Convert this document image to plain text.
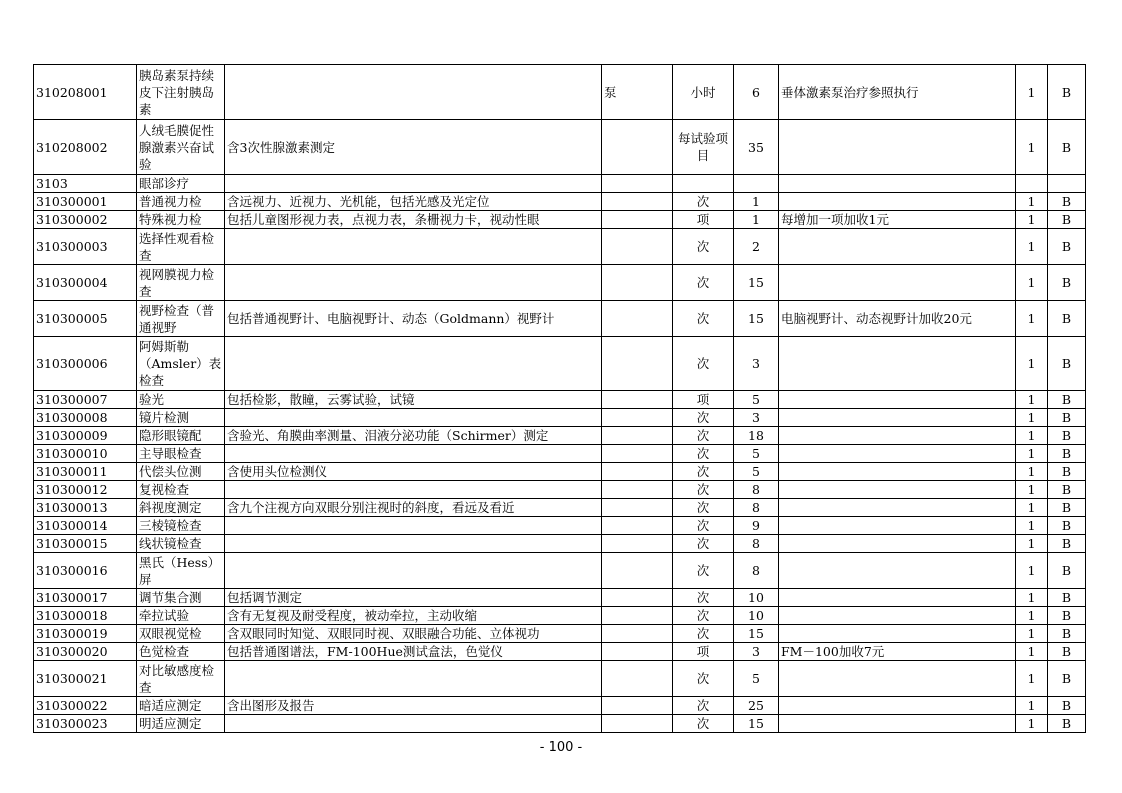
310208001	胰岛素泵持续皮下注射胰岛素		泵	小时	6	垂体激素泵治疗参照执行	1	B
310208002	人绒毛膜促性腺激素兴奋试验	含3次性腺激素测定		每试验项目	35		1	B
3103	眼部诊疗							
310300001	普通视力检	含远视力、近视力、光机能，包括光感及光定位		次	1		1	B
310300002	特殊视力检	包括儿童图形视力表，点视力表，条栅视力卡，视动性眼		项	1	每增加一项加收1元	1	B
310300003	选择性观看检查			次	2		1	B
310300004	视网膜视力检查			次	15		1	B
310300005	视野检查（普通视野	包括普通视野计、电脑视野计、动态（Goldmann）视野计		次	15	电脑视野计、动态视野计加收20元	1	B
310300006	阿姆斯勒（Amsler）表检查			次	3		1	B
310300007	验光	包括检影，散瞳，云雾试验，试镜		项	5		1	B
310300008	镜片检测			次	3		1	B
310300009	隐形眼镜配	含验光、角膜曲率测量、泪液分泌功能（Schirmer）测定		次	18		1	B
310300010	主导眼检查			次	5		1	B
310300011	代偿头位测	含使用头位检测仪		次	5		1	B
310300012	复视检查			次	8		1	B
310300013	斜视度测定	含九个注视方向双眼分别注视时的斜度，看远及看近		次	8		1	B
310300014	三棱镜检查			次	9		1	B
310300015	线状镜检查			次	8		1	B
310300016	黑氏（Hess）屏			次	8		1	B
310300017	调节集合测	包括调节测定		次	10		1	B
310300018	牵拉试验	含有无复视及耐受程度，被动牵拉，主动收缩		次	10		1	B
310300019	双眼视觉检	含双眼同时知觉、双眼同时视、双眼融合功能、立体视功		次	15		1	B
310300020	色觉检查	包括普通图谱法，FM-100Hue测试盒法，色觉仪		项	3	FM－100加收7元	1	B
310300021	对比敏感度检查			次	5		1	B
310300022	暗适应测定	含出图形及报告		次	25		1	B
310300023	明适应测定			次	15		1	B
- 100 -
